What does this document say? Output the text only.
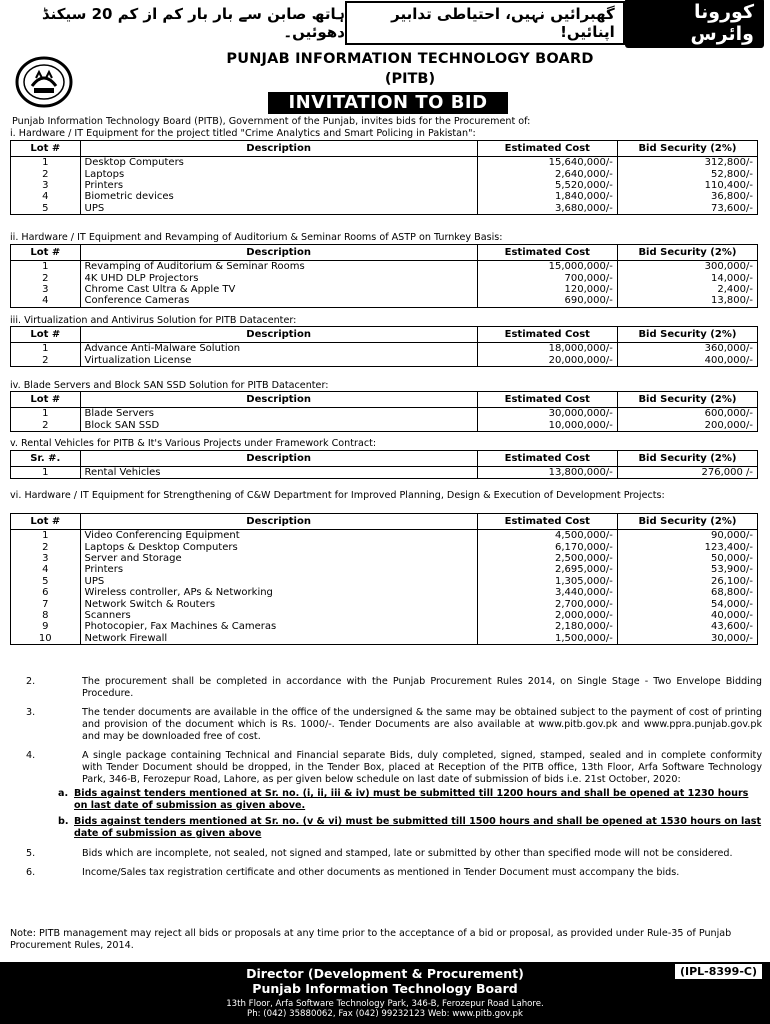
کورونا وائرس
گھبرائیں نہیں، احتیاطی تدابیر اپنائیں!
ہاتھ صابن سے بار بار کم از کم 20 سیکنڈ دھوئیں۔
PUNJAB INFORMATION TECHNOLOGY BOARD
(PITB)
INVITATION TO BID
Punjab Information Technology Board (PITB), Government of the Punjab, invites bids for the Procurement of:
i. Hardware / IT Equipment for the project titled "Crime Analytics and Smart Policing in Pakistan":
Lot #	Description	Estimated Cost	Bid Security (2%)
1	Desktop Computers	15,640,000/-	312,800/-
2	Laptops	2,640,000/-	52,800/-
3	Printers	5,520,000/-	110,400/-
4	Biometric devices	1,840,000/-	36,800/-
5	UPS	3,680,000/-	73,600/-
ii. Hardware / IT Equipment and Revamping of Auditorium & Seminar Rooms of ASTP on Turnkey Basis:
Lot #	Description	Estimated Cost	Bid Security (2%)
1	Revamping of Auditorium & Seminar Rooms	15,000,000/-	300,000/-
2	4K UHD DLP Projectors	700,000/-	14,000/-
3	Chrome Cast Ultra & Apple TV	120,000/-	2,400/-
4	Conference Cameras	690,000/-	13,800/-
iii. Virtualization and Antivirus Solution for PITB Datacenter:
Lot #	Description	Estimated Cost	Bid Security (2%)
1	Advance Anti-Malware Solution	18,000,000/-	360,000/-
2	Virtualization License	20,000,000/-	400,000/-
iv. Blade Servers and Block SAN SSD Solution for PITB Datacenter:
Lot #	Description	Estimated Cost	Bid Security (2%)
1	Blade Servers	30,000,000/-	600,000/-
2	Block SAN SSD	10,000,000/-	200,000/-
v. Rental Vehicles for PITB & It's Various Projects under Framework Contract:
Sr. #.	Description	Estimated Cost	Bid Security (2%)
1	Rental Vehicles	13,800,000/-	276,000 /-
vi. Hardware / IT Equipment for Strengthening of C&W Department for Improved Planning, Design & Execution of Development Projects:
Lot #	Description	Estimated Cost	Bid Security (2%)
1	Video Conferencing Equipment	4,500,000/-	90,000/-
2	Laptops & Desktop Computers	6,170,000/-	123,400/-
3	Server and Storage	2,500,000/-	50,000/-
4	Printers	2,695,000/-	53,900/-
5	UPS	1,305,000/-	26,100/-
6	Wireless controller, APs & Networking	3,440,000/-	68,800/-
7	Network Switch & Routers	2,700,000/-	54,000/-
8	Scanners	2,000,000/-	40,000/-
9	Photocopier, Fax Machines & Cameras	2,180,000/-	43,600/-
10	Network Firewall	1,500,000/-	30,000/-
2.	The procurement shall be completed in accordance with the Punjab Procurement Rules 2014, on Single Stage - Two Envelope Bidding Procedure.
3.	The tender documents are available in the office of the undersigned & the same may be obtained subject to the payment of cost of printing and provision of the document which is Rs. 1000/-. Tender Documents are also available at www.pitb.gov.pk and www.ppra.punjab.gov.pk and may be downloaded free of cost.
4.	A single package containing Technical and Financial separate Bids, duly completed, signed, stamped, sealed and in complete conformity with Tender Document should be dropped, in the Tender Box, placed at Reception of the PITB office, 13th Floor, Arfa Software Technology Park, 346-B, Ferozepur Road, Lahore, as per given below schedule on last date of submission of bids i.e. 21st October, 2020:
a. Bids against tenders mentioned at Sr. no. (i, ii, iii & iv) must be submitted till 1200 hours and shall be opened at 1230 hours on last date of submission as given above.
b. Bids against tenders mentioned at Sr. no. (v & vi) must be submitted till 1500 hours and shall be opened at 1530 hours on last date of submission as given above
5.	Bids which are incomplete, not sealed, not signed and stamped, late or submitted by other than specified mode will not be considered.
6.	Income/Sales tax registration certificate and other documents as mentioned in Tender Document must accompany the bids.
Note: PITB management may reject all bids or proposals at any time prior to the acceptance of a bid or proposal, as provided under Rule-35 of Punjab Procurement Rules, 2014.
Director (Development & Procurement)
Punjab Information Technology Board
13th Floor, Arfa Software Technology Park, 346-B, Ferozepur Road Lahore.
Ph: (042) 35880062, Fax (042) 99232123 Web: www.pitb.gov.pk
(IPL-8399-C)
